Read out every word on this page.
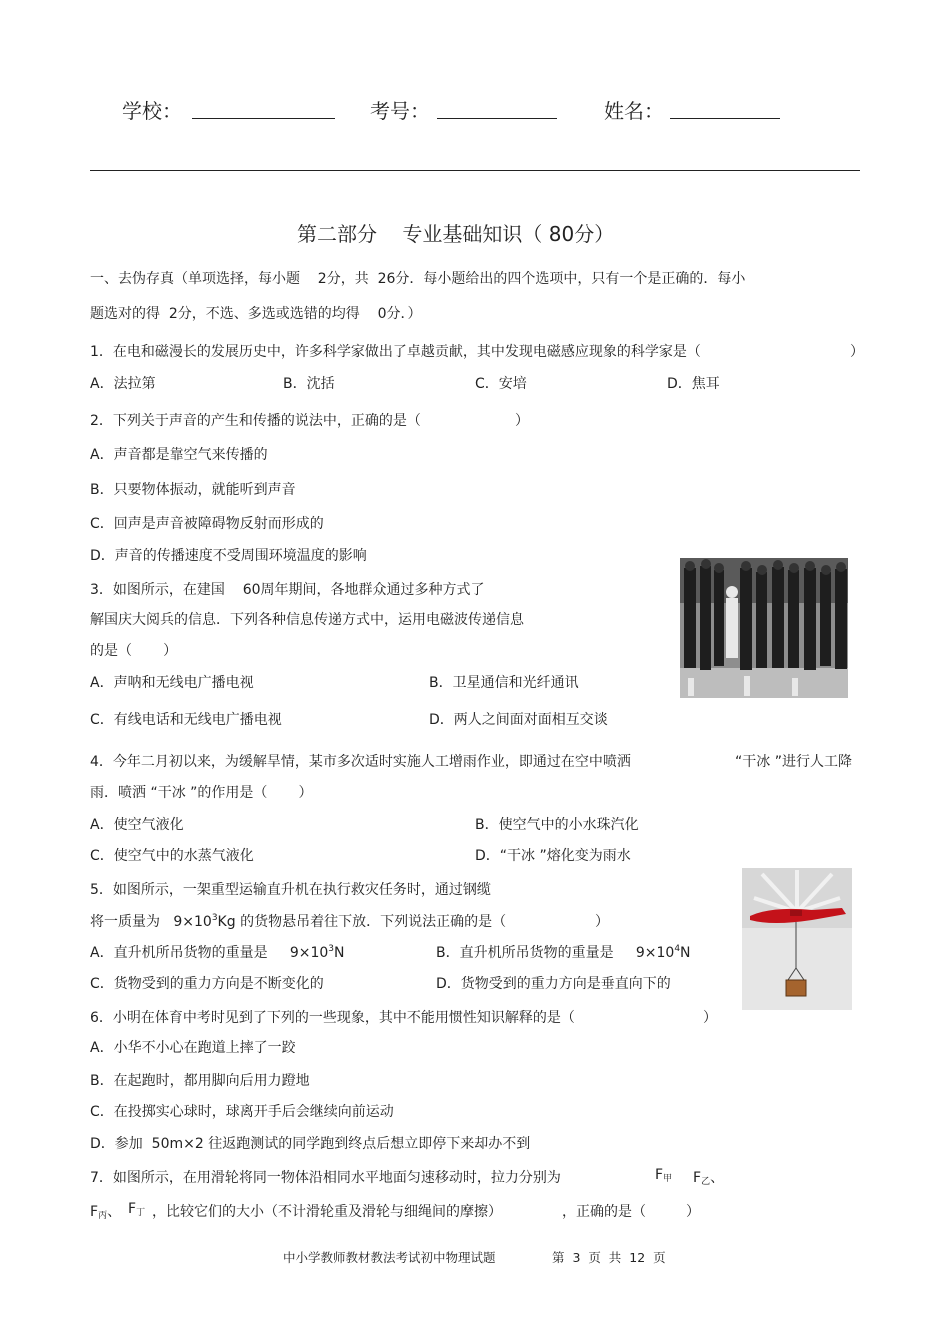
学校：	考号：	姓名：
第二部分    专业基础知识（ 80分）
一、去伪存真（单项选择，每小题    2分，共  26分．每小题给出的四个选项中，只有一个是正确的．每小
题选对的得  2分，不选、多选或选错的均得    0分．）
1．在电和磁漫长的发展历史中，许多科学家做出了卓越贡献，其中发现电磁感应现象的科学家是（	）
A．法拉第	B．沈括	C．安培	D．焦耳
2．下列关于声音的产生和传播的说法中，正确的是（	）
A．声音都是靠空气来传播的
B．只要物体振动，就能听到声音
C．回声是声音被障碍物反射而形成的
D．声音的传播速度不受周围环境温度的影响
3．如图所示，在建国    60周年期间，各地群众通过多种方式了
解国庆大阅兵的信息．下列各种信息传递方式中，运用电磁波传递信息
的是（       ）
A．声呐和无线电广播电视	B．卫星通信和光纤通讯
C．有线电话和无线电广播电视	D．两人之间面对面相互交谈
4．今年二月初以来，为缓解旱情，某市多次适时实施人工增雨作业，即通过在空中喷洒	“干冰 ”进行人工降
雨．喷洒 “干冰 ”的作用是（       ）
A．使空气液化	B．使空气中的小水珠汽化
C．使空气中的水蒸气液化	D．“干冰 ”熔化变为雨水
5．如图所示，一架重型运输直升机在执行救灾任务时，通过钢缆
将一质量为   $9\times 10^3Kg$ 的货物悬吊着往下放．下列说法正确的是（	）
A．直升机所吊货物的重量是     $9\times 10^3N$	B．直升机所吊货物的重量是     $9\times 10^4N$
C．货物受到的重力方向是不断变化的	D．货物受到的重力方向是垂直向下的
6．小明在体育中考时见到了下列的一些现象，其中不能用惯性知识解释的是（	）
A．小华不小心在跑道上摔了一跤
B．在起跑时，都用脚向后用力蹬地
C．在投掷实心球时，球离开手后会继续向前运动
D．参加  50m×2 往返跑测试的同学跑到终点后想立即停下来却办不到
7．如图所示，在用滑轮将同一物体沿相同水平地面匀速移动时，拉力分别为	$F_甲$ $F_乙$、
$F_丙$、 $F_丁$ ，比较它们的大小（不计滑轮重及滑轮与细绳间的摩擦）	，正确的是（         ）
中小学教师教材教法考试初中物理试题	第  3  页  共  12  页
